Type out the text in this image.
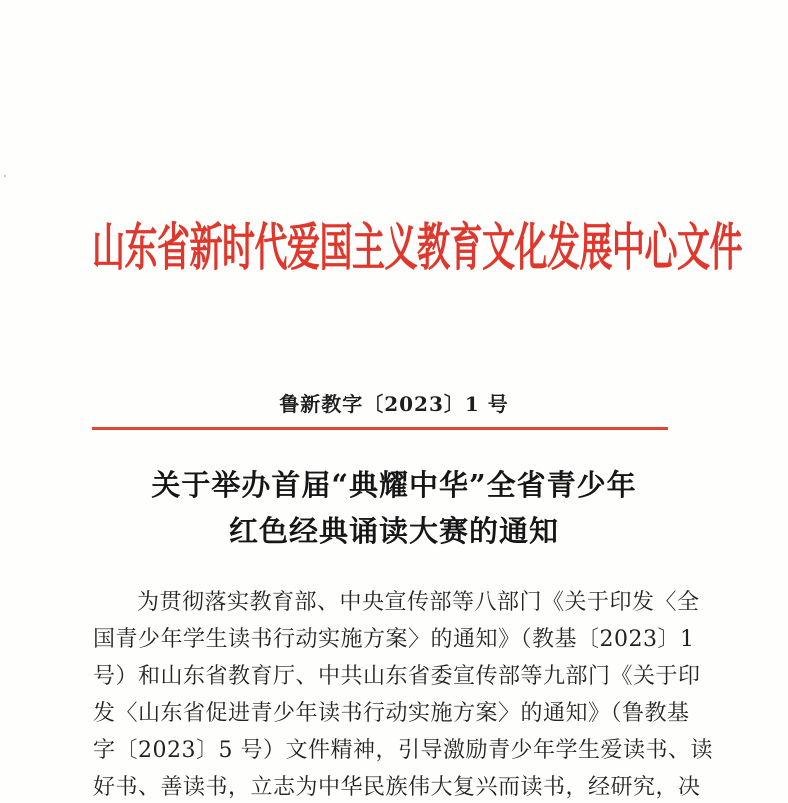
山东省新时代爱国主义教育文化发展中心文件
鲁新教字〔2023〕1 号
关于举办首届“典耀中华”全省青少年
红色经典诵读大赛的通知
为贯彻落实教育部、中央宣传部等八部门《关于印发〈全
国青少年学生读书行动实施方案〉的通知》（教基〔2023〕1
号）和山东省教育厅、中共山东省委宣传部等九部门《关于印
发〈山东省促进青少年读书行动实施方案〉的通知》（鲁教基
字〔2023〕5 号）文件精神，引导激励青少年学生爱读书、读
好书、善读书，立志为中华民族伟大复兴而读书，经研究，决
